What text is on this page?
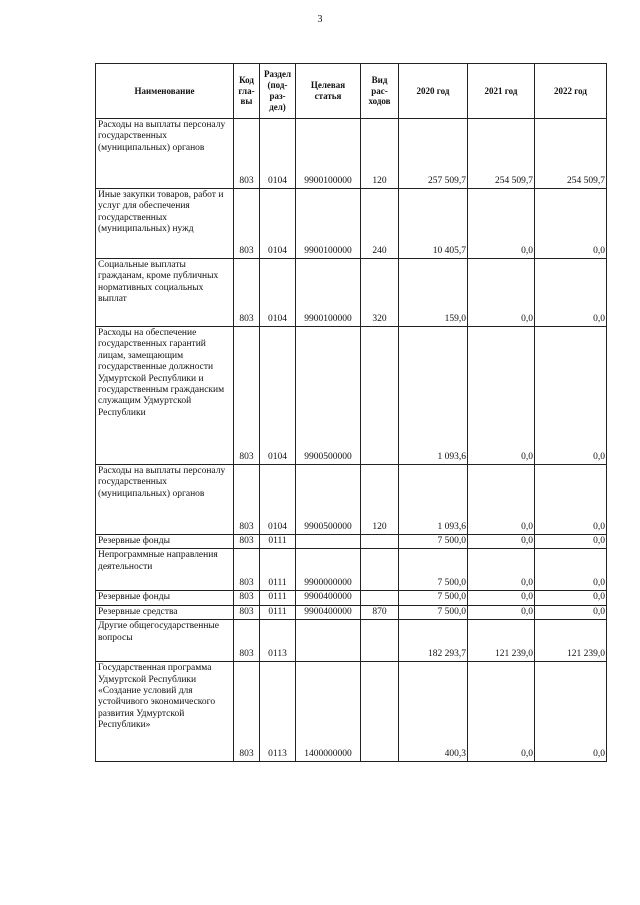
3
Наименование	Код гла- вы	Раздел (под- раз- дел)	Целевая статья	Вид рас- ходов	2020 год	2021 год	2022 год
Расходы на выплаты персоналу государственных (муниципальных) органов	803	0104	9900100000	120	257 509,7	254 509,7	254 509,7
Иные закупки товаров, работ и услуг для обеспечения государственных (муниципальных) нужд	803	0104	9900100000	240	10 405,7	0,0	0,0
Социальные выплаты гражданам, кроме публичных нормативных социальных выплат	803	0104	9900100000	320	159,0	0,0	0,0
Расходы на обеспечение государственных гарантий лицам, замещающим государственные должности Удмуртской Республики и государственным гражданским служащим Удмуртской Республики	803	0104	9900500000		1 093,6	0,0	0,0
Расходы на выплаты персоналу государственных (муниципальных) органов	803	0104	9900500000	120	1 093,6	0,0	0,0
Резервные фонды	803	0111			7 500,0	0,0	0,0
Непрограммные направления деятельности	803	0111	9900000000		7 500,0	0,0	0,0
Резервные фонды	803	0111	9900400000		7 500,0	0,0	0,0
Резервные средства	803	0111	9900400000	870	7 500,0	0,0	0,0
Другие общегосударственные вопросы	803	0113			182 293,7	121 239,0	121 239,0
Государственная программа Удмуртской Республики «Создание условий для устойчивого экономического развития Удмуртской Республики»	803	0113	1400000000		400,3	0,0	0,0
